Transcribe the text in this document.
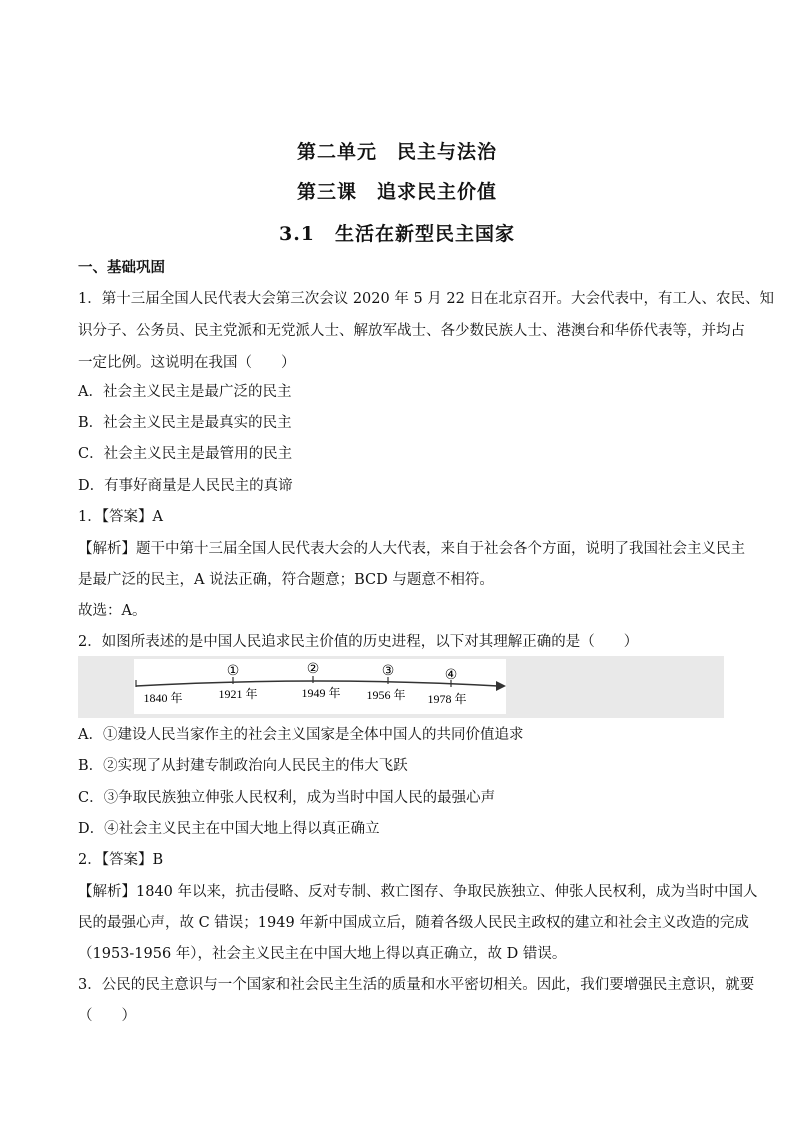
第二单元　民主与法治
第三课　追求民主价值
3.1　生活在新型民主国家
一、基础巩固
1．第十三届全国人民代表大会第三次会议 2020 年 5 月 22 日在北京召开。大会代表中，有工人、农民、知
识分子、公务员、民主党派和无党派人士、解放军战士、各少数民族人士、港澳台和华侨代表等，并均占
一定比例。这说明在我国（　　）
A．社会主义民主是最广泛的民主
B．社会主义民主是最真实的民主
C．社会主义民主是最管用的民主
D．有事好商量是人民民主的真谛
1．【答案】A
【解析】题干中第十三届全国人民代表大会的人大代表，来自于社会各个方面，说明了我国社会主义民主
是最广泛的民主，A 说法正确，符合题意；BCD 与题意不相符。
故选：A。
2．如图所表述的是中国人民追求民主价值的历史进程，以下对其理解正确的是（　　）
①	②	③	④
1840 年	1921 年	1949 年 1956 年 1978 年
A．①建设人民当家作主的社会主义国家是全体中国人的共同价值追求
B．②实现了从封建专制政治向人民民主的伟大飞跃
C．③争取民族独立伸张人民权利，成为当时中国人民的最强心声
D．④社会主义民主在中国大地上得以真正确立
2．【答案】B
【解析】1840 年以来，抗击侵略、反对专制、救亡图存、争取民族独立、伸张人民权利，成为当时中国人
民的最强心声，故 C 错误；1949 年新中国成立后，随着各级人民民主政权的建立和社会主义改造的完成
（1953-1956 年），社会主义民主在中国大地上得以真正确立，故 D 错误。
3．公民的民主意识与一个国家和社会民主生活的质量和水平密切相关。因此，我们要增强民主意识，就要
（　　）
